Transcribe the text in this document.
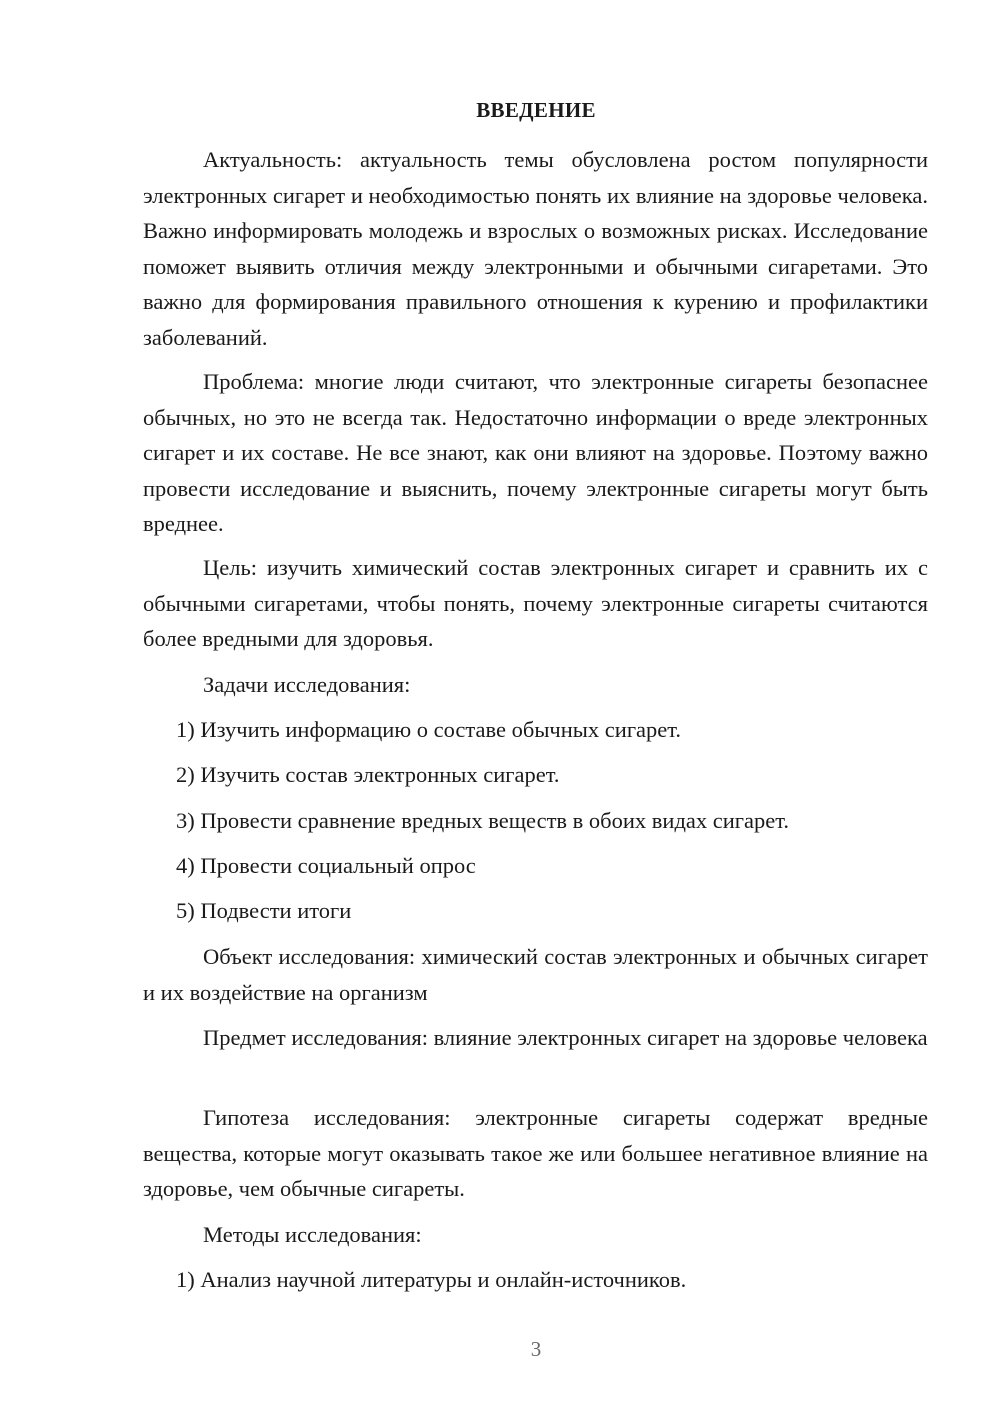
ВВЕДЕНИЕ

Актуальность: актуальность темы обусловлена ростом популярности электронных сигарет и необходимостью понять их влияние на здоровье человека. Важно информировать молодежь и взрослых о возможных рисках. Исследование поможет выявить отличия между электронными и обычными сигаретами. Это важно для формирования правильного отношения к курению и профилактики заболеваний.

Проблема: многие люди считают, что электронные сигареты безопаснее обычных, но это не всегда так. Недостаточно информации о вреде электронных сигарет и их составе. Не все знают, как они влияют на здоровье. Поэтому важно провести исследование и выяснить, почему электронные сигареты могут быть вреднее.

Цель: изучить химический состав электронных сигарет и сравнить их с обычными сигаретами, чтобы понять, почему электронные сигареты считаются более вредными для здоровья.

Задачи исследования:

1) Изучить информацию о составе обычных сигарет.

2) Изучить состав электронных сигарет.

3) Провести сравнение вредных веществ в обоих видах сигарет.

4) Провести социальный опрос

5) Подвести итоги

Объект исследования: химический состав электронных и обычных сигарет и их воздействие на организм

Предмет исследования: влияние электронных сигарет на здоровье человека

Гипотеза исследования: электронные сигареты содержат вредные вещества, которые могут оказывать такое же или большее негативное влияние на здоровье, чем обычные сигареты.

Методы исследования:

1) Анализ научной литературы и онлайн-источников.

3
